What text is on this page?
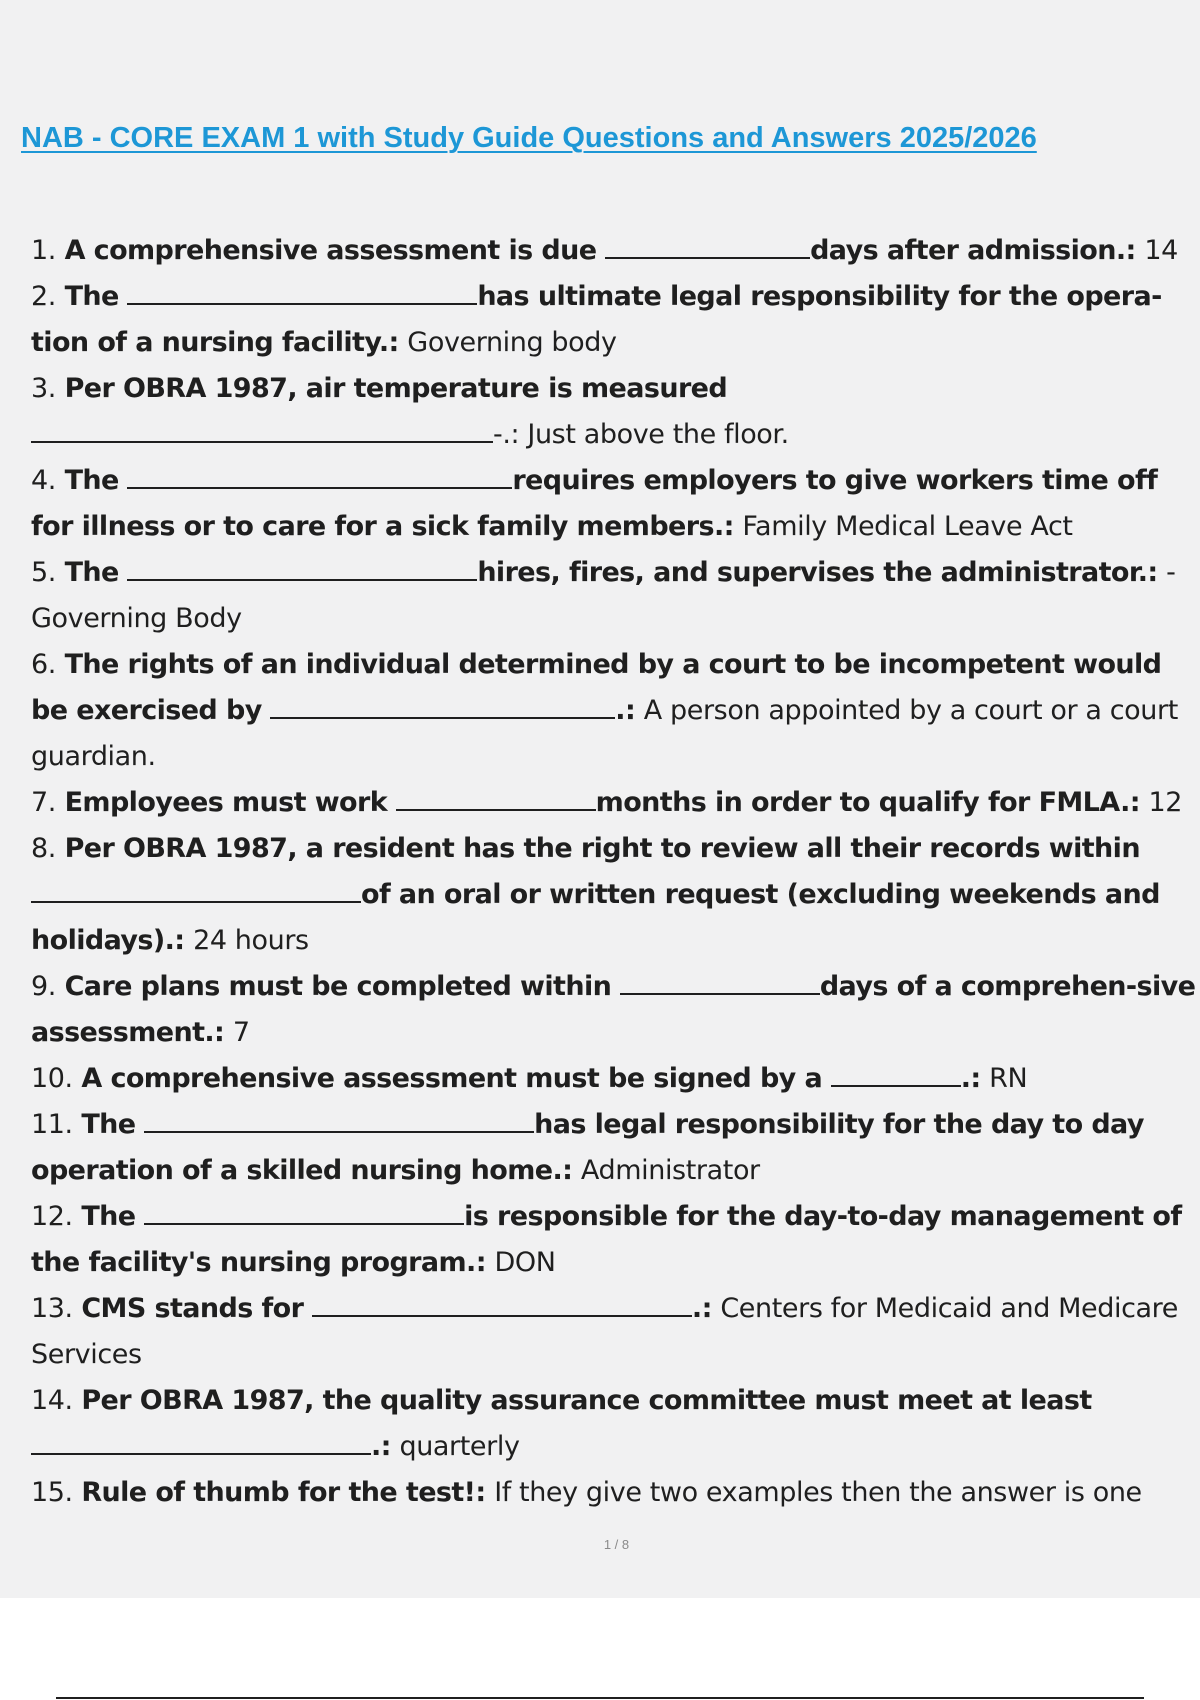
NAB - CORE EXAM 1 with Study Guide Questions and Answers 2025/2026

1. A comprehensive assessment is due	days after admission.: 14

2. The	has ultimate legal responsibility for the opera-tion of a nursing facility.: Governing body

3. Per OBRA 1987, air temperature is measured
-.: Just above the floor.

4. The	requires employers to give workers time off for illness or to care for a sick family members.: Family Medical Leave Act

5. The	hires, fires, and supervises the administrator.: - Governing Body

6. The rights of an individual determined by a court to be incompetent would be exercised by	.: A person appointed by a court or a court guardian.

7. Employees must work	months in order to qualify for FMLA.: 12

8. Per OBRA 1987, a resident has the right to review all their records within of an oral or written request (excluding weekends and holidays).: 24 hours

9. Care plans must be completed within	days of a comprehen-sive assessment.: 7

10. A comprehensive assessment must be signed by a	.: RN

11. The	has legal responsibility for the day to day operation of a skilled nursing home.: Administrator

12. The	is responsible for the day-to-day management of the facility's nursing program.: DON

13. CMS stands for	.: Centers for Medicaid and Medicare Services

14. Per OBRA 1987, the quality assurance committee must meet at least
.: quarterly

15. Rule of thumb for the test!: If they give two examples then the answer is one

1 / 8
